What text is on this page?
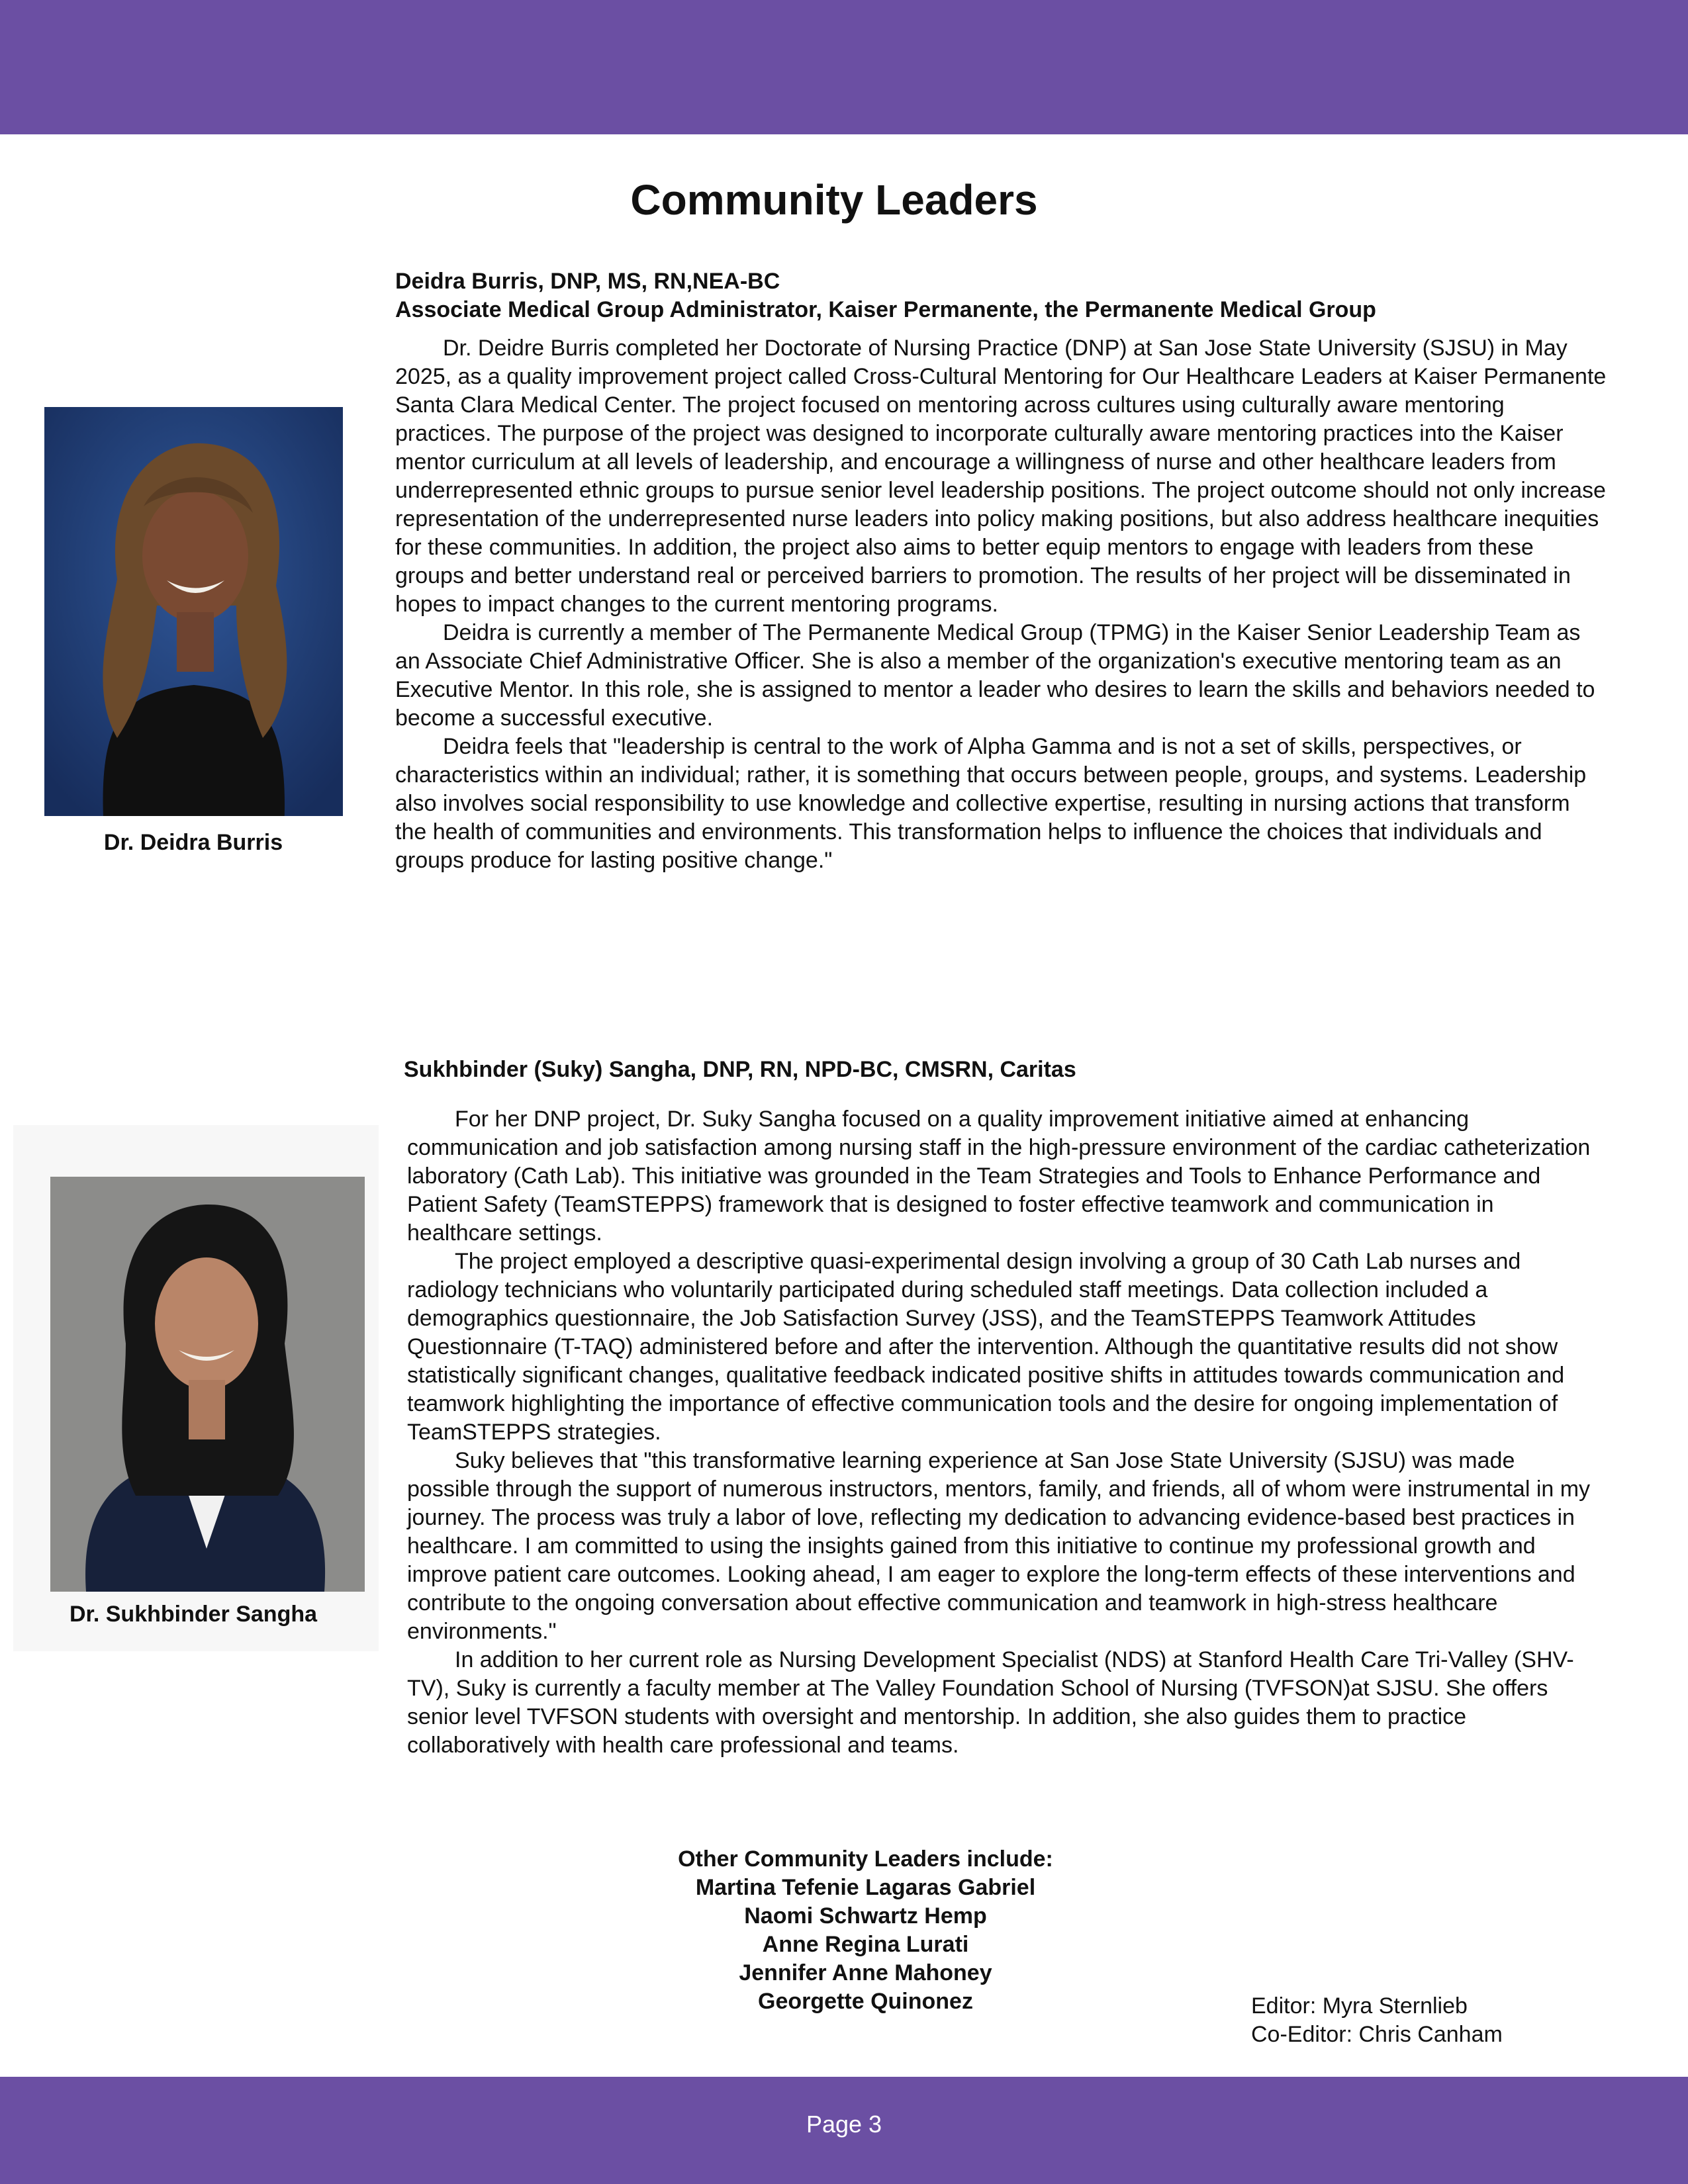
Community Leaders
Deidra Burris, DNP, MS, RN,NEA-BC
Associate Medical Group Administrator, Kaiser Permanente, the Permanente Medical Group

Dr. Deidre Burris completed her Doctorate of Nursing Practice (DNP) at San Jose State University (SJSU) in May 2025, as a quality improvement project called Cross-Cultural Mentoring for Our Healthcare Leaders at Kaiser Permanente Santa Clara Medical Center. The project focused on mentoring across cultures using culturally aware mentoring practices. The purpose of the project was designed to incorporate culturally aware mentoring practices into the Kaiser mentor curriculum at all levels of leadership, and encourage a willingness of nurse and other healthcare leaders from underrepresented ethnic groups to pursue senior level leadership positions. The project outcome should not only increase representation of the underrepresented nurse leaders into policy making positions, but also address healthcare inequities for these communities. In addition, the project also aims to better equip mentors to engage with leaders from these groups and better understand real or perceived barriers to promotion. The results of her project will be disseminated in hopes to impact changes to the current mentoring programs.

Deidra is currently a member of The Permanente Medical Group (TPMG) in the Kaiser Senior Leadership Team as an Associate Chief Administrative Officer. She is also a member of the organization's executive mentoring team as an Executive Mentor. In this role, she is assigned to mentor a leader who desires to learn the skills and behaviors needed to become a successful executive.

Deidra feels that "leadership is central to the work of Alpha Gamma and is not a set of skills, perspectives, or characteristics within an individual; rather, it is something that occurs between people, groups, and systems. Leadership also involves social responsibility to use knowledge and collective expertise, resulting in nursing actions that transform the health of communities and environments. This transformation helps to influence the choices that individuals and groups produce for lasting positive change."

Dr. Deidra Burris
Sukhbinder (Suky) Sangha, DNP, RN, NPD-BC, CMSRN, Caritas

For her DNP project, Dr. Suky Sangha focused on a quality improvement initiative aimed at enhancing communication and job satisfaction among nursing staff in the high-pressure environment of the cardiac catheterization laboratory (Cath Lab). This initiative was grounded in the Team Strategies and Tools to Enhance Performance and Patient Safety (TeamSTEPPS) framework that is designed to foster effective teamwork and communication in healthcare settings.

The project employed a descriptive quasi-experimental design involving a group of 30 Cath Lab nurses and radiology technicians who voluntarily participated during scheduled staff meetings. Data collection included a demographics questionnaire, the Job Satisfaction Survey (JSS), and the TeamSTEPPS Teamwork Attitudes Questionnaire (T-TAQ) administered before and after the intervention. Although the quantitative results did not show statistically significant changes, qualitative feedback indicated positive shifts in attitudes towards communication and teamwork highlighting the importance of effective communication tools and the desire for ongoing implementation of TeamSTEPPS strategies.

Suky believes that "this transformative learning experience at San Jose State University (SJSU) was made possible through the support of numerous instructors, mentors, family, and friends, all of whom were instrumental in my journey. The process was truly a labor of love, reflecting my dedication to advancing evidence-based best practices in healthcare. I am committed to using the insights gained from this initiative to continue my professional growth and improve patient care outcomes. Looking ahead, I am eager to explore the long-term effects of these interventions and contribute to the ongoing conversation about effective communication and teamwork in high-stress healthcare environments."

In addition to her current role as Nursing Development Specialist (NDS) at Stanford Health Care Tri-Valley (SHV-TV), Suky is currently a faculty member at The Valley Foundation School of Nursing (TVFSON)at SJSU. She offers senior level TVFSON students with oversight and mentorship. In addition, she also guides them to practice collaboratively with health care professional and teams.

Dr. Sukhbinder Sangha
Other Community Leaders include:
Martina Tefenie Lagaras Gabriel
Naomi Schwartz Hemp
Anne Regina Lurati
Jennifer Anne Mahoney
Georgette Quinonez	Editor: Myra Sternlieb
Co-Editor: Chris Canham
Page 3
